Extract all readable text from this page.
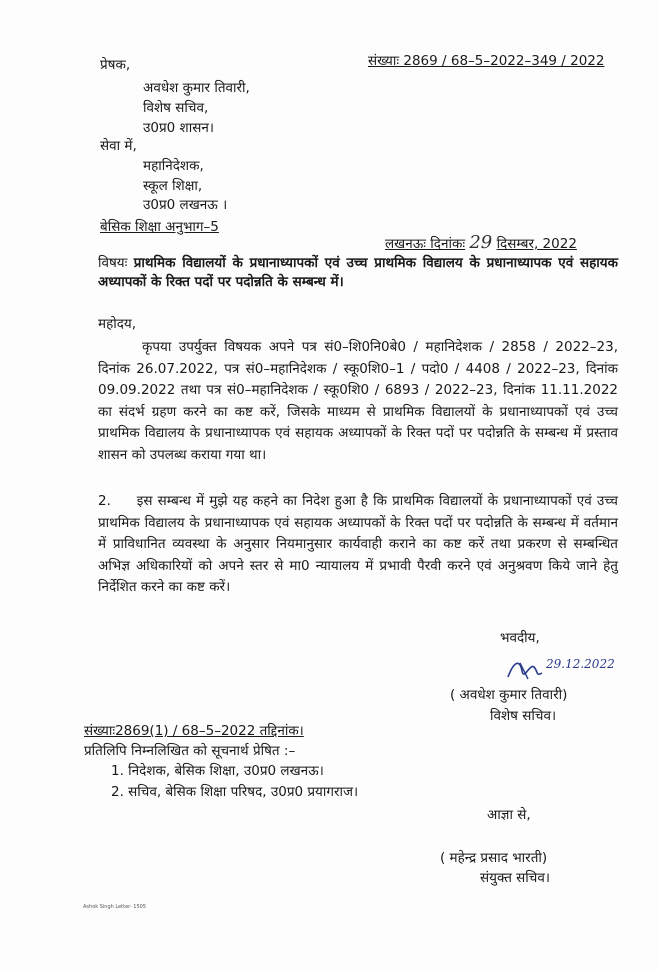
संख्याः 2869 / 68–5–2022–349 / 2022
प्रेषक,
अवधेश कुमार तिवारी,
विशेष सचिव,
उ0प्र0 शासन।
सेवा में,
महानिदेशक,
स्कूल शिक्षा,
उ0प्र0 लखनऊ ।
बेसिक शिक्षा अनुभाग–5
लखनऊः दिनांकः 29 दिसम्बर, 2022
विषयः प्राथमिक विद्यालयों के प्रधानाध्यापकों एवं उच्च प्राथमिक विद्यालय के प्रधानाध्यापक एवं सहायक अध्यापकों के रिक्त पदों पर पदोन्नति के सम्बन्ध में।
महोदय,
कृपया उपर्युक्त विषयक अपने पत्र सं0–शि0नि0बे0 / महानिदेशक / 2858 / 2022–23, दिनांक 26.07.2022, पत्र सं0–महानिदेशक / स्कू0शि0–1 / पदो0 / 4408 / 2022–23, दिनांक 09.09.2022 तथा पत्र सं0–महानिदेशक / स्कू0शि0 / 6893 / 2022–23, दिनांक 11.11.2022 का संदर्भ ग्रहण करने का कष्ट करें, जिसके माध्यम से प्राथमिक विद्यालयों के प्रधानाध्यापकों एवं उच्च प्राथमिक विद्यालय के प्रधानाध्यापक एवं सहायक अध्यापकों के रिक्त पदों पर पदोन्नति के सम्बन्ध में प्रस्ताव शासन को उपलब्ध कराया गया था।
2. इस सम्बन्ध में मुझे यह कहने का निदेश हुआ है कि प्राथमिक विद्यालयों के प्रधानाध्यापकों एवं उच्च प्राथमिक विद्यालय के प्रधानाध्यापक एवं सहायक अध्यापकों के रिक्त पदों पर पदोन्नति के सम्बन्ध में वर्तमान में प्राविधानित व्यवस्था के अनुसार नियमानुसार कार्यवाही कराने का कष्ट करें तथा प्रकरण से सम्बन्धित अभिज्ञ अधिकारियों को अपने स्तर से मा0 न्यायालय में प्रभावी पैरवी करने एवं अनुश्रवण किये जाने हेतु निर्देशित करने का कष्ट करें।
भवदीय,
29.12.2022
( अवधेश कुमार तिवारी)
विशेष सचिव।
संख्याः2869(1) / 68–5–2022 तद्दिनांक।
प्रतिलिपि निम्नलिखित को सूचनार्थ प्रेषित :–
1. निदेशक, बेसिक शिक्षा, उ0प्र0 लखनऊ।
2. सचिव, बेसिक शिक्षा परिषद, उ0प्र0 प्रयागराज।
आज्ञा से,
( महेन्द्र प्रसाद भारती)
संयुक्त सचिव।
Ashok Singh Letter- 1505
